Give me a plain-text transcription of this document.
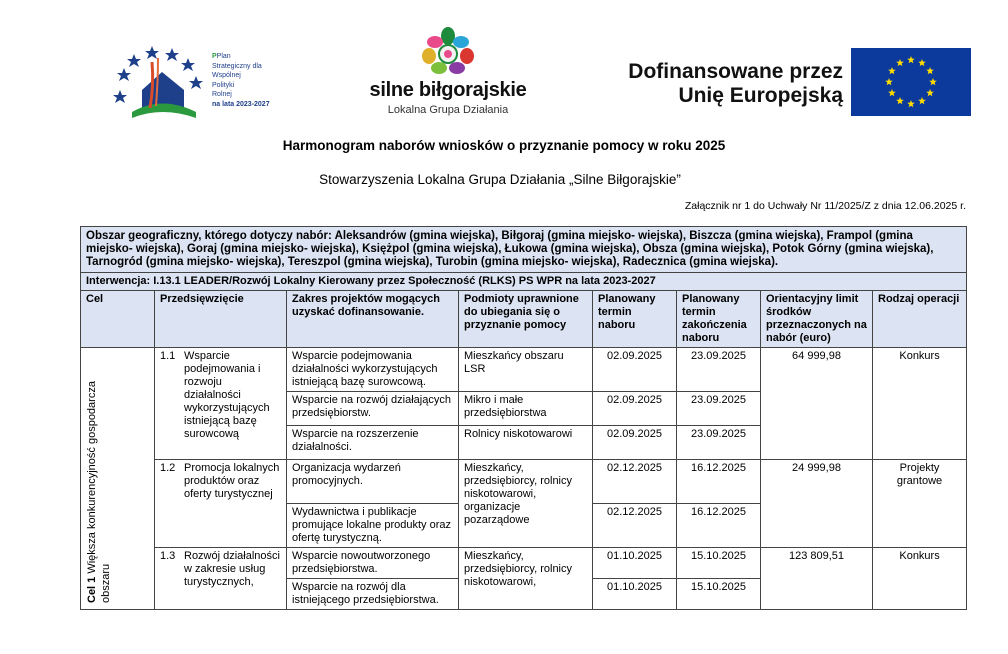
PPlan
Strategiczny dla
Wspólnej
Polityki
Rolnej
na lata 2023-2027
silne biłgorajskie
Lokalna Grupa Działania
Dofinansowane przez
Unię Europejską
Harmonogram naborów wniosków o przyznanie pomocy w roku 2025
Stowarzyszenia Lokalna Grupa Działania „Silne Biłgorajskie”
Załącznik nr 1 do Uchwały Nr 11/2025/Z z dnia 12.06.2025 r.
Obszar geograficzny, którego dotyczy nabór: Aleksandrów (gmina wiejska), Biłgoraj (gmina miejsko- wiejska), Biszcza (gmina wiejska), Frampol (gmina miejsko- wiejska), Goraj (gmina miejsko- wiejska), Księżpol (gmina wiejska), Łukowa (gmina wiejska), Obsza (gmina wiejska), Potok Górny (gmina wiejska), Tarnogród (gmina miejsko- wiejska), Tereszpol (gmina wiejska), Turobin (gmina miejsko- wiejska), Radecznica (gmina wiejska).							
Interwencja: I.13.1 LEADER/Rozwój Lokalny Kierowany przez Społeczność (RLKS) PS WPR na lata 2023-2027							
Cel	Przedsięwzięcie	Zakres projektów mogących uzyskać dofinansowanie.	Podmioty uprawnione do ubiegania się o przyznanie pomocy	Planowany termin naboru	Planowany termin zakończenia naboru	Orientacyjny limit środków przeznaczonych na nabór (euro)	Rodzaj operacji

Cel 1 Większa konkurencyjność gospodarcza obszaru	1.1 Wsparcie podejmowania i rozwoju działalności wykorzystujących istniejącą bazę surowcową	Wsparcie podejmowania działalności wykorzystujących istniejącą bazę surowcową.	Mieszkańcy obszaru LSR	02.09.2025	23.09.2025	64 999,98	Konkurs
		Wsparcie na rozwój działających przedsiębiorstw.	Mikro i małe przedsiębiorstwa	02.09.2025	23.09.2025		
		Wsparcie na rozszerzenie działalności.	Rolnicy niskotowarowi	02.09.2025	23.09.2025		

	1.2 Promocja lokalnych produktów oraz oferty turystycznej	Organizacja wydarzeń promocyjnych.	Mieszkańcy, przedsiębiorcy, rolnicy niskotowarowi, organizacje pozarządowe	02.12.2025	16.12.2025	24 999,98	Projekty grantowe
		Wydawnictwa i publikacje promujące lokalne produkty oraz ofertę turystyczną.		02.12.2025	16.12.2025		

	1.3 Rozwój działalności w zakresie usług turystycznych,	Wsparcie nowoutworzonego przedsiębiorstwa.	Mieszkańcy, przedsiębiorcy, rolnicy niskotowarowi,	01.10.2025	15.10.2025	123 809,51	Konkurs
		Wsparcie na rozwój dla istniejącego przedsiębiorstwa.		01.10.2025	15.10.2025		
